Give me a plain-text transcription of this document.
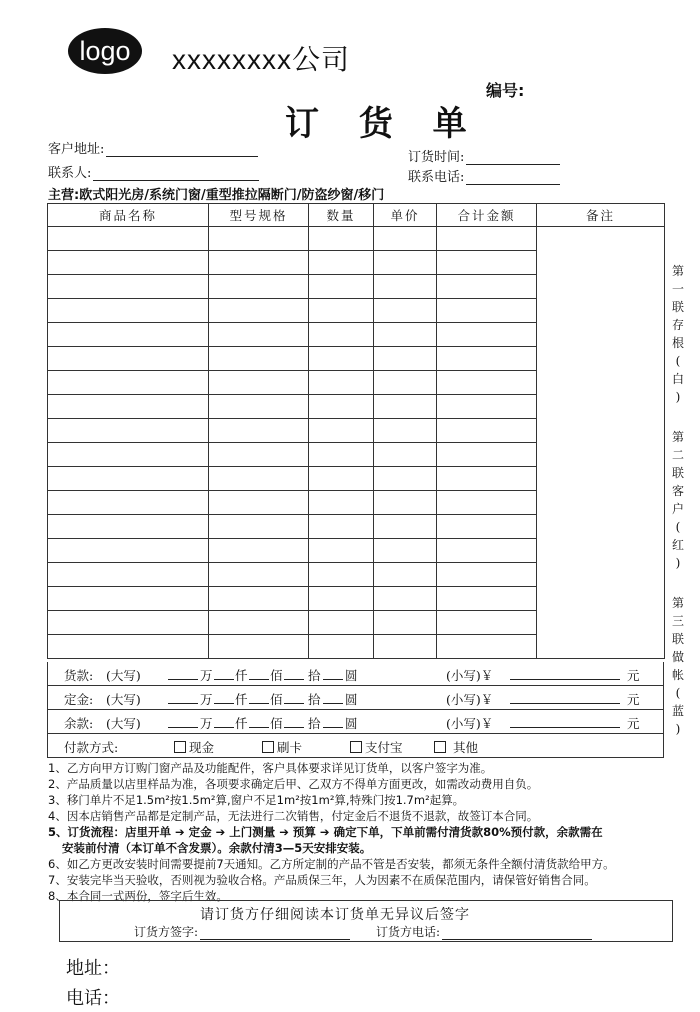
logo xxxxxxxx公司
编号:
订 货 单
客户地址:
联系人:
订货时间:
联系电话:
主营:欧式阳光房/系统门窗/重型推拉隔断门/防盗纱窗/移门
商品名称	型号规格	数量	单价	合计金额	备注

货款: (大写)	万 仟 佰 拾 圆	(小写)￥	元
定金: (大写)	万 仟 佰 拾 圆	(小写)￥	元
余款: (大写)	万 仟 佰 拾 圆	(小写)￥	元
付款方式:	现金	刷卡	支付宝	其他
第
一
联
存
根
(
白
)
第
二
联
客
户
(
红
)
第
三
联
做
帐
(
蓝
)
1、乙方向甲方订购门窗产品及功能配件，客户具体要求详见订货单，以客户签字为准。
2、产品质量以店里样品为准，各项要求确定后甲、乙双方不得单方面更改，如需改动费用自负。
3、移门单片不足1.5m²按1.5m²算,窗户不足1m²按1m²算,特殊门按1.7m²起算。
4、因本店销售产品都是定制产品，无法进行二次销售，付定金后不退货不退款，故签订本合同。
5、订货流程：店里开单 ➔ 定金 ➔ 上门测量 ➔ 预算 ➔ 确定下单，下单前需付清货款80%预付款，余款需在
安装前付清（本订单不含发票）。余款付清3—5天安排安装。
6、如乙方更改安装时间需要提前7天通知。乙方所定制的产品不管是否安装，都须无条件全额付清货款给甲方。
7、安装完毕当天验收，否则视为验收合格。产品质保三年，人为因素不在质保范围内，请保管好销售合同。
8、本合同一式两份，签字后生效。
请订货方仔细阅读本订货单无异议后签字
订货方签字:	订货方电话:
地址：
电话：
